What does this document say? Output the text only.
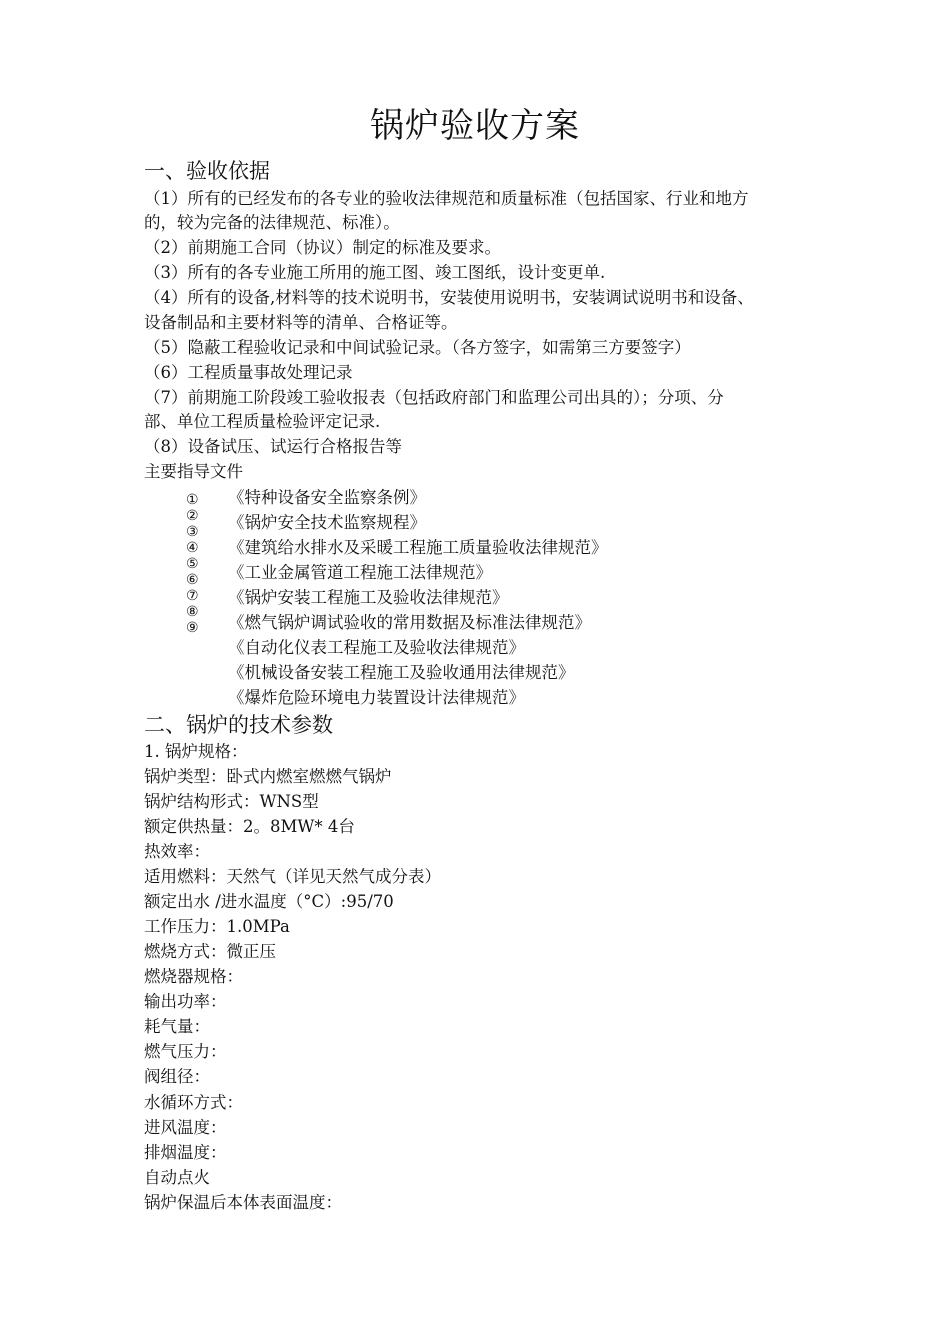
锅炉验收方案
一、验收依据
（1）所有的已经发布的各专业的验收法律规范和质量标准（包括国家、行业和地方
的，较为完备的法律规范、标准）。
（2）前期施工合同（协议）制定的标准及要求。
（3）所有的各专业施工所用的施工图、竣工图纸，设计变更单.
（4）所有的设备,材料等的技术说明书，安装使用说明书，安装调试说明书和设备、
设备制品和主要材料等的清单、合格证等。
（5）隐蔽工程验收记录和中间试验记录。（各方签字，如需第三方要签字）
（6）工程质量事故处理记录
（7）前期施工阶段竣工验收报表（包括政府部门和监理公司出具的）；分项、分
部、单位工程质量检验评定记录.
（8）设备试压、试运行合格报告等
主要指导文件
①
②
③
④
⑤
⑥
⑦
⑧
⑨
《特种设备安全监察条例》
《锅炉安全技术监察规程》
《建筑给水排水及采暖工程施工质量验收法律规范》
《工业金属管道工程施工法律规范》
《锅炉安装工程施工及验收法律规范》
《燃气锅炉调试验收的常用数据及标准法律规范》
《自动化仪表工程施工及验收法律规范》
《机械设备安装工程施工及验收通用法律规范》
《爆炸危险环境电力装置设计法律规范》
二、锅炉的技术参数
1. 锅炉规格：
锅炉类型：卧式内燃室燃燃气锅炉
锅炉结构形式：WNS型
额定供热量：2。8MW* 4台
热效率：
适用燃料：天然气（详见天然气成分表）
额定出水 /进水温度（°C）:95/70
工作压力：1.0MPa
燃烧方式：微正压
燃烧器规格：
输出功率：
耗气量：
燃气压力：
阀组径：
水循环方式：
进风温度：
排烟温度：
自动点火
锅炉保温后本体表面温度：
